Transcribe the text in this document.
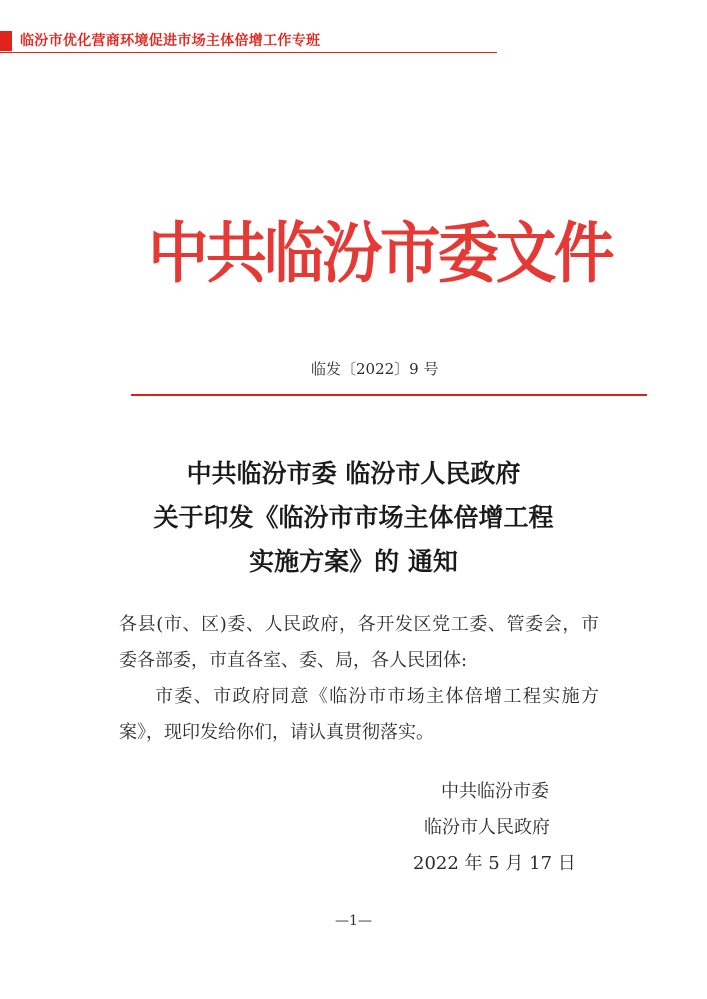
临汾市优化营商环境促进市场主体倍增工作专班
中共临汾市委文件
临发〔2022〕9 号
中共临汾市委 临汾市人民政府
关于印发《临汾市市场主体倍增工程
实施方案》的 通知

各县(市、区)委、人民政府，各开发区党工委、管委会，市委各部委，市直各室、委、局，各人民团体:

市委、市政府同意《临汾市市场主体倍增工程实施方案》，现印发给你们，请认真贯彻落实。

中共临汾市委
临汾市人民政府
2022 年 5 月 17 日
—1—
